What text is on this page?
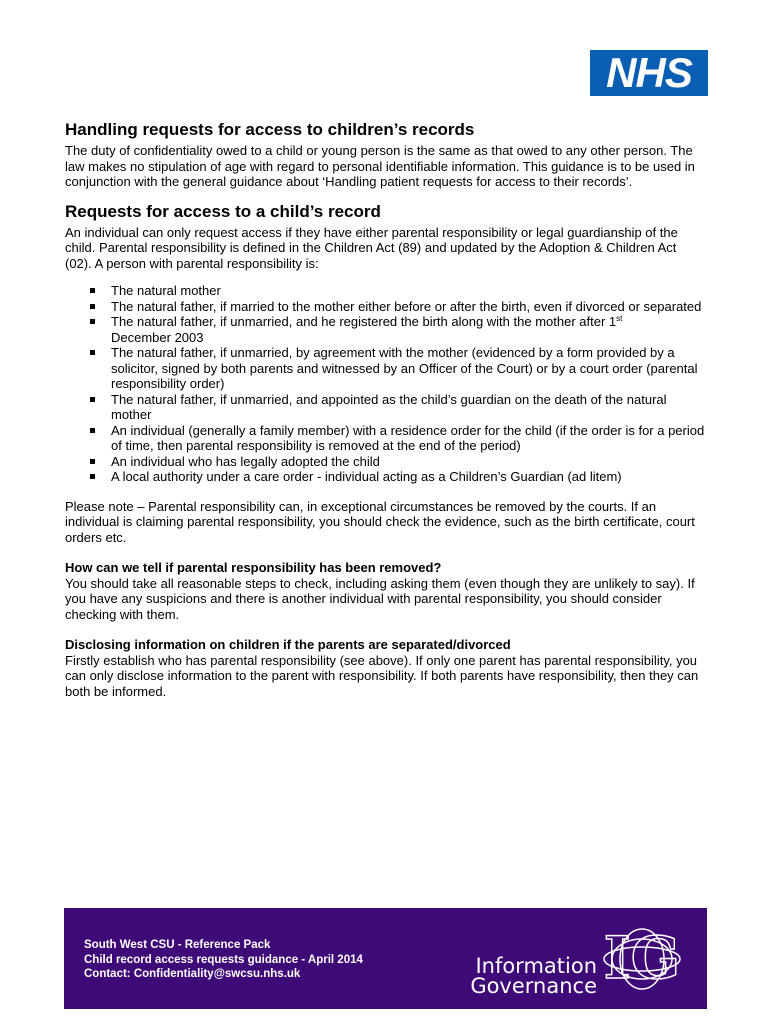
NHS
Handling requests for access to children’s records

The duty of confidentiality owed to a child or young person is the same as that owed to any other person. The law makes no stipulation of age with regard to personal identifiable information. This guidance is to be used in conjunction with the general guidance about ‘Handling patient requests for access to their records’.

Requests for access to a child’s record

An individual can only request access if they have either parental responsibility or legal guardianship of the child. Parental responsibility is defined in the Children Act (89) and updated by the Adoption & Children Act (02). A person with parental responsibility is:

The natural mother
The natural father, if married to the mother either before or after the birth, even if divorced or separated
The natural father, if unmarried, and he registered the birth along with the mother after 1st
December 2003
The natural father, if unmarried, by agreement with the mother (evidenced by a form provided by a solicitor, signed by both parents and witnessed by an Officer of the Court) or by a court order (parental responsibility order)
The natural father, if unmarried, and appointed as the child’s guardian on the death of the natural mother
An individual (generally a family member) with a residence order for the child (if the order is for a period of time, then parental responsibility is removed at the end of the period)
An individual who has legally adopted the child
A local authority under a care order - individual acting as a Children’s Guardian (ad litem)

Please note – Parental responsibility can, in exceptional circumstances be removed by the courts. If an individual is claiming parental responsibility, you should check the evidence, such as the birth certificate, court orders etc.

How can we tell if parental responsibility has been removed?

You should take all reasonable steps to check, including asking them (even though they are unlikely to say). If you have any suspicions and there is another individual with parental responsibility, you should consider checking with them.

Disclosing information on children if the parents are separated/divorced

Firstly establish who has parental responsibility (see above). If only one parent has parental responsibility, you can only disclose information to the parent with responsibility. If both parents have responsibility, then they can both be informed.

South West CSU - Reference Pack
Child record access requests guidance - April 2014
Contact: Confidentiality@swcsu.nhs.uk	Information
Governance IG
